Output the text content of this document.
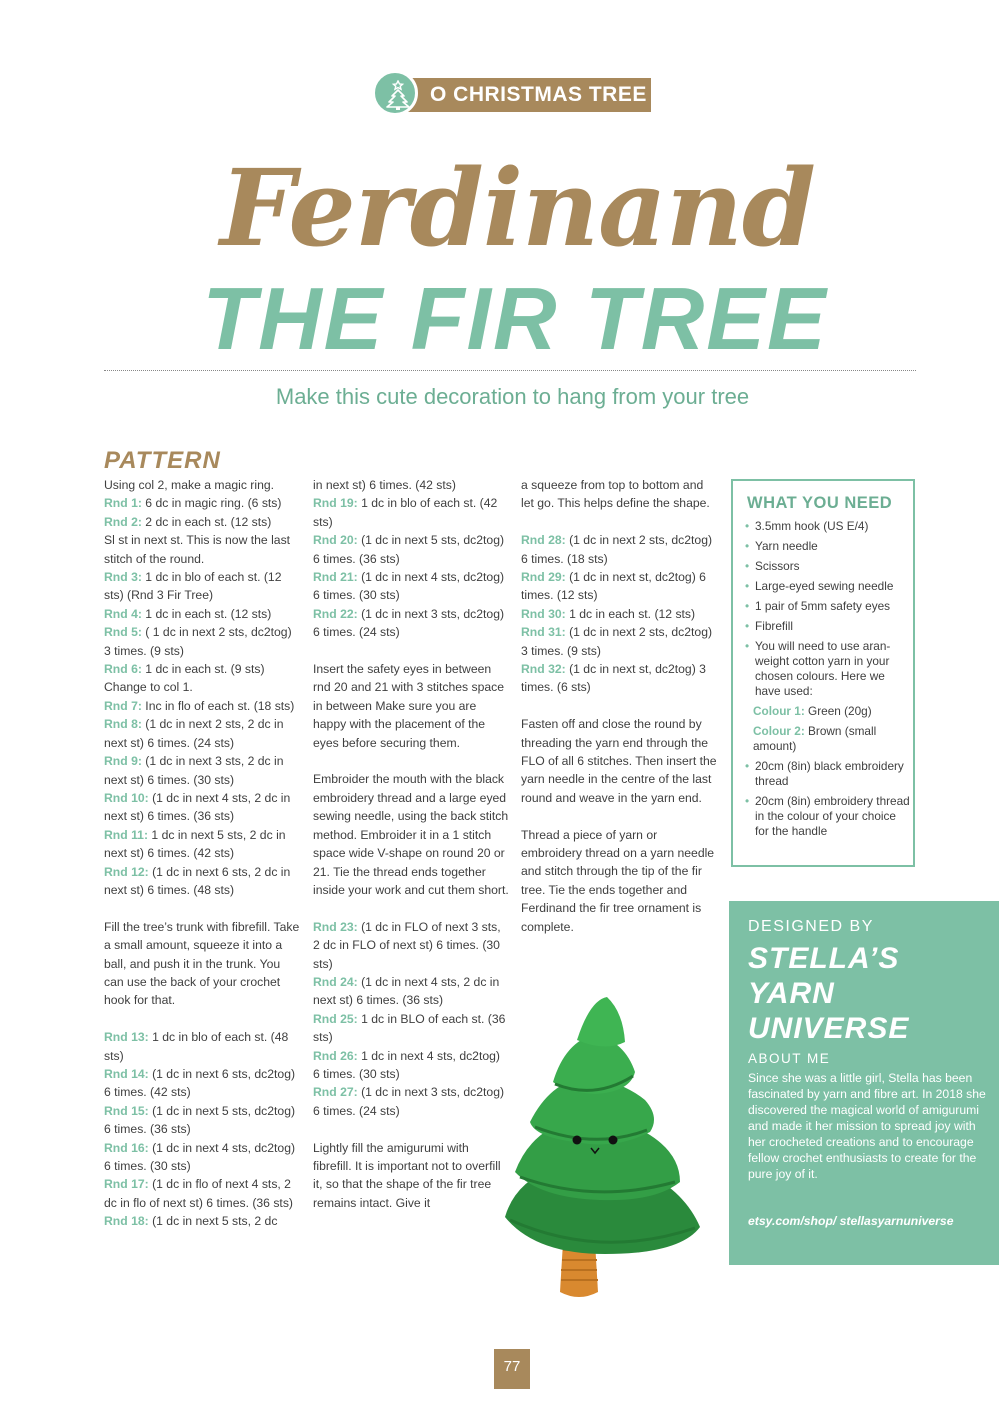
O CHRISTMAS TREE
Ferdinand
THE FIR TREE
Make this cute decoration to hang from your tree
PATTERN

Using col 2, make a magic ring.

Rnd 1: 6 dc in magic ring. (6 sts)

Rnd 2: 2 dc in each st. (12 sts)

Sl st in next st. This is now the last stitch of the round.

Rnd 3: 1 dc in blo of each st. (12 sts) (Rnd 3 Fir Tree)

Rnd 4: 1 dc in each st. (12 sts)

Rnd 5: ( 1 dc in next 2 sts, dc2tog) 3 times. (9 sts)

Rnd 6: 1 dc in each st. (9 sts)

Change to col 1.

Rnd 7: Inc in flo of each st. (18 sts)

Rnd 8: (1 dc in next 2 sts, 2 dc in next st) 6 times. (24 sts)

Rnd 9: (1 dc in next 3 sts, 2 dc in next st) 6 times. (30 sts)

Rnd 10: (1 dc in next 4 sts, 2 dc in next st) 6 times. (36 sts)

Rnd 11: 1 dc in next 5 sts, 2 dc in next st) 6 times. (42 sts)

Rnd 12: (1 dc in next 6 sts, 2 dc in next st) 6 times. (48 sts)

Fill the tree’s trunk with fibrefill. Take a small amount, squeeze it into a ball, and push it in the trunk. You can use the back of your crochet hook for that.

Rnd 13: 1 dc in blo of each st. (48 sts)

Rnd 14: (1 dc in next 6 sts, dc2tog) 6 times. (42 sts)

Rnd 15: (1 dc in next 5 sts, dc2tog) 6 times. (36 sts)

Rnd 16: (1 dc in next 4 sts, dc2tog) 6 times. (30 sts)

Rnd 17: (1 dc in flo of next 4 sts, 2 dc in flo of next st) 6 times. (36 sts)

Rnd 18: (1 dc in next 5 sts, 2 dc

in next st) 6 times. (42 sts)

Rnd 19: 1 dc in blo of each st. (42 sts)

Rnd 20: (1 dc in next 5 sts, dc2tog) 6 times. (36 sts)

Rnd 21: (1 dc in next 4 sts, dc2tog) 6 times. (30 sts)

Rnd 22: (1 dc in next 3 sts, dc2tog) 6 times. (24 sts)

Insert the safety eyes in between rnd 20 and 21 with 3 stitches space in between Make sure you are happy with the placement of the eyes before securing them.

Embroider the mouth with the black embroidery thread and a large eyed sewing needle, using the back stitch method. Embroider it in a 1 stitch space wide V-shape on round 20 or 21. Tie the thread ends together inside your work and cut them short.

Rnd 23: (1 dc in FLO of next 3 sts, 2 dc in FLO of next st) 6 times. (30 sts)

Rnd 24: (1 dc in next 4 sts, 2 dc in next st) 6 times. (36 sts)

Rnd 25: 1 dc in BLO of each st. (36 sts)

Rnd 26: 1 dc in next 4 sts, dc2tog) 6 times. (30 sts)

Rnd 27: (1 dc in next 3 sts, dc2tog) 6 times. (24 sts)

Lightly fill the amigurumi with fibrefill. It is important not to overfill it, so that the shape of the fir tree remains intact. Give it

a squeeze from top to bottom and let go. This helps define the shape.

Rnd 28: (1 dc in next 2 sts, dc2tog) 6 times. (18 sts)

Rnd 29: (1 dc in next st, dc2tog) 6 times. (12 sts)

Rnd 30: 1 dc in each st. (12 sts)

Rnd 31: (1 dc in next 2 sts, dc2tog) 3 times. (9 sts)

Rnd 32: (1 dc in next st, dc2tog) 3 times. (6 sts)

Fasten off and close the round by threading the yarn end through the FLO of all 6 stitches. Then insert the yarn needle in the centre of the last round and weave in the yarn end.

Thread a piece of yarn or embroidery thread on a yarn needle and stitch through the tip of the fir tree. Tie the ends together and Ferdinand the fir tree ornament is complete.

WHAT YOU NEED
• 3.5mm hook (US E/4)
• Yarn needle
• Scissors
• Large-eyed sewing needle
• 1 pair of 5mm safety eyes
• Fibrefill
• You will need to use aran-weight cotton yarn in your chosen colours. Here we have used:
Colour 1: Green (20g)
Colour 2: Brown (small amount)
• 20cm (8in) black embroidery thread
• 20cm (8in) embroidery thread in the colour of your choice for the handle
DESIGNED BY
STELLA’S
YARN
UNIVERSE
ABOUT ME
Since she was a little girl, Stella has been fascinated by yarn and fibre art. In 2018 she discovered the magical world of amigurumi and made it her mission to spread joy with her crocheted creations and to encourage fellow crochet enthusiasts to create for the pure joy of it.
etsy.com/shop/ stellasyarnuniverse
77
